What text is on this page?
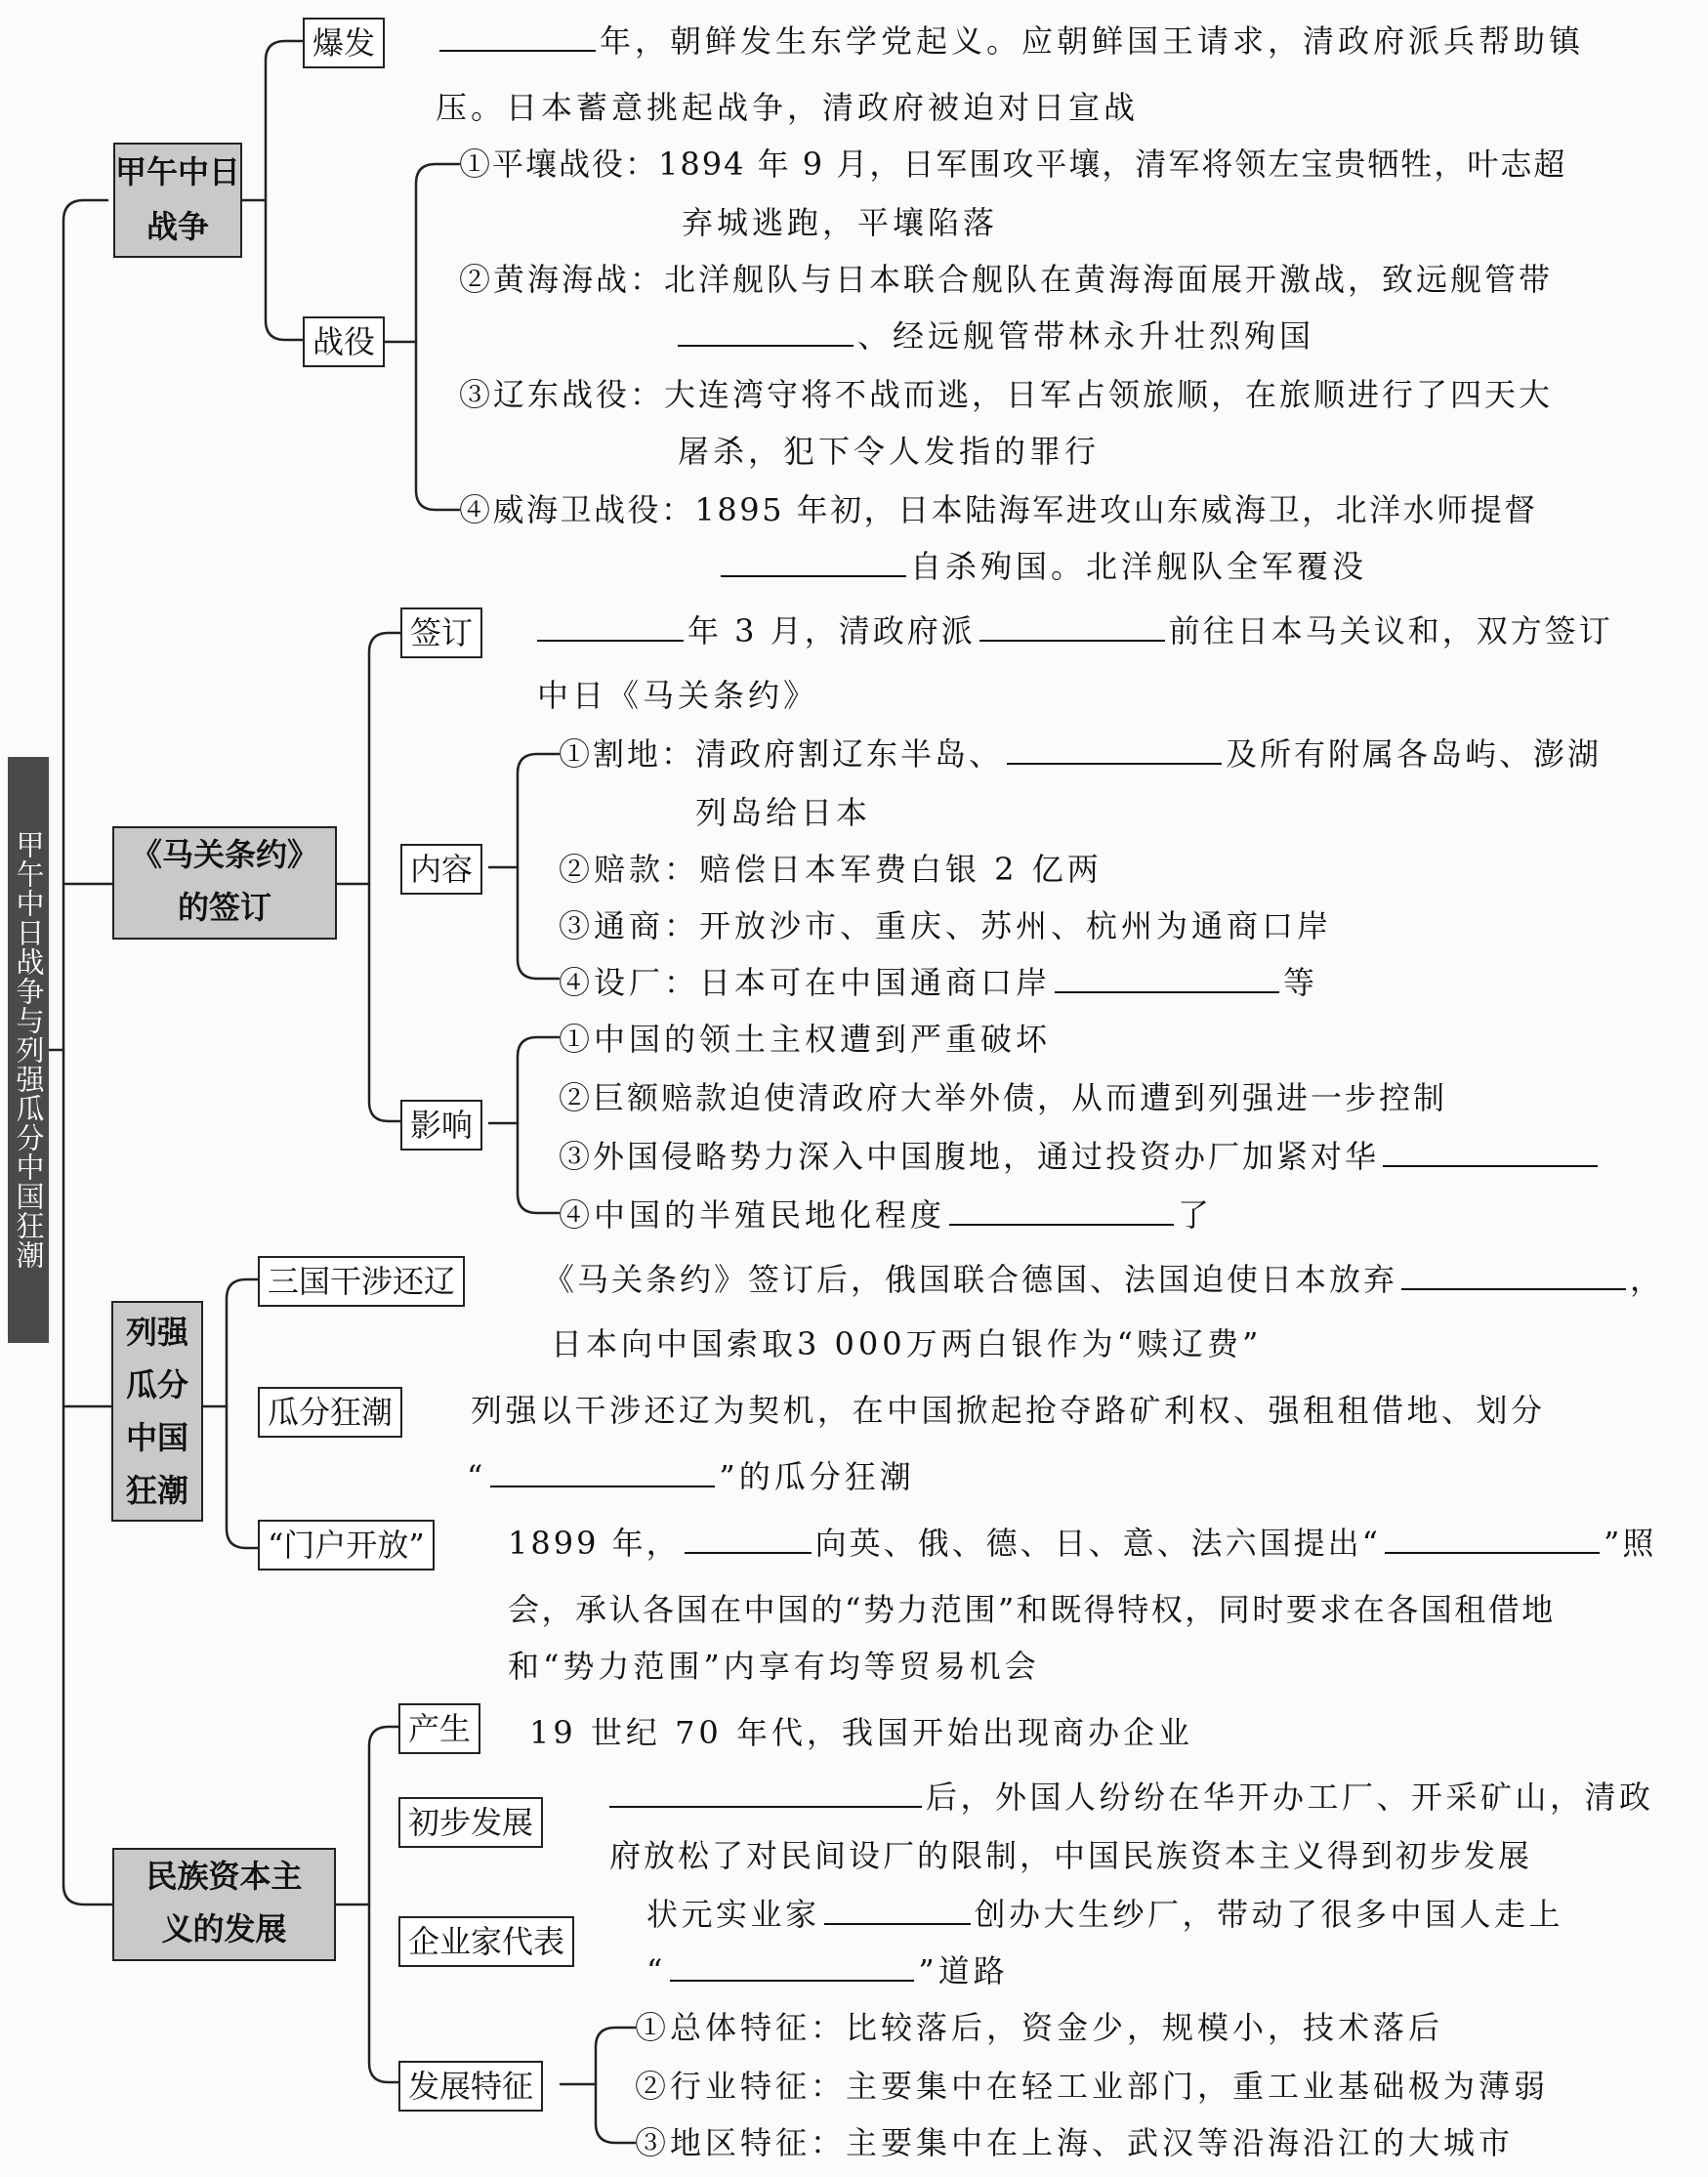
甲午中日战争与列强瓜分中国狂潮
甲午中日战争
爆发	年，朝鲜发生东学党起义。应朝鲜国王请求，清政府派兵帮助镇
压。日本蓄意挑起战争，清政府被迫对日宣战
战役
①平壤战役：1894 年 9 月，日军围攻平壤，清军将领左宝贵牺牲，叶志超
弃城逃跑，平壤陷落
②黄海海战：北洋舰队与日本联合舰队在黄海海面展开激战，致远舰管带
、经远舰管带林永升壮烈殉国
③辽东战役：大连湾守将不战而逃，日军占领旅顺，在旅顺进行了四天大
屠杀，犯下令人发指的罪行
④威海卫战役：1895 年初，日本陆海军进攻山东威海卫，北洋水师提督
自杀殉国。北洋舰队全军覆没
《马关条约》
的签订
签订	年 3 月，清政府派	前往日本马关议和，双方签订
中日《马关条约》
内容
①割地：清政府割辽东半岛、	及所有附属各岛屿、澎湖
列岛给日本
②赔款：赔偿日本军费白银 2 亿两
③通商：开放沙市、重庆、苏州、杭州为通商口岸
④设厂：日本可在中国通商口岸	等
影响
①中国的领土主权遭到严重破坏
②巨额赔款迫使清政府大举外债，从而遭到列强进一步控制
③外国侵略势力深入中国腹地，通过投资办厂加紧对华
④中国的半殖民地化程度	了
列强
瓜分
中国
狂潮
三国干涉还辽	《马关条约》签订后，俄国联合德国、法国迫使日本放弃	，
日本向中国索取3 000万两白银作为“赎辽费”
瓜分狂潮	列强以干涉还辽为契机，在中国掀起抢夺路矿利权、强租租借地、划分
“	”的瓜分狂潮
“门户开放”	1899 年，	向英、俄、德、日、意、法六国提出“	”照
会，承认各国在中国的“势力范围”和既得特权，同时要求在各国租借地
和“势力范围”内享有均等贸易机会
民族资本主
义的发展
产生	19 世纪 70 年代，我国开始出现商办企业
初步发展
后，外国人纷纷在华开办工厂、开采矿山，清政
府放松了对民间设厂的限制，中国民族资本主义得到初步发展
企业家代表
状元实业家	创办大生纱厂，带动了很多中国人走上
“	”道路
发展特征
①总体特征：比较落后，资金少，规模小，技术落后
②行业特征：主要集中在轻工业部门，重工业基础极为薄弱
③地区特征：主要集中在上海、武汉等沿海沿江的大城市
